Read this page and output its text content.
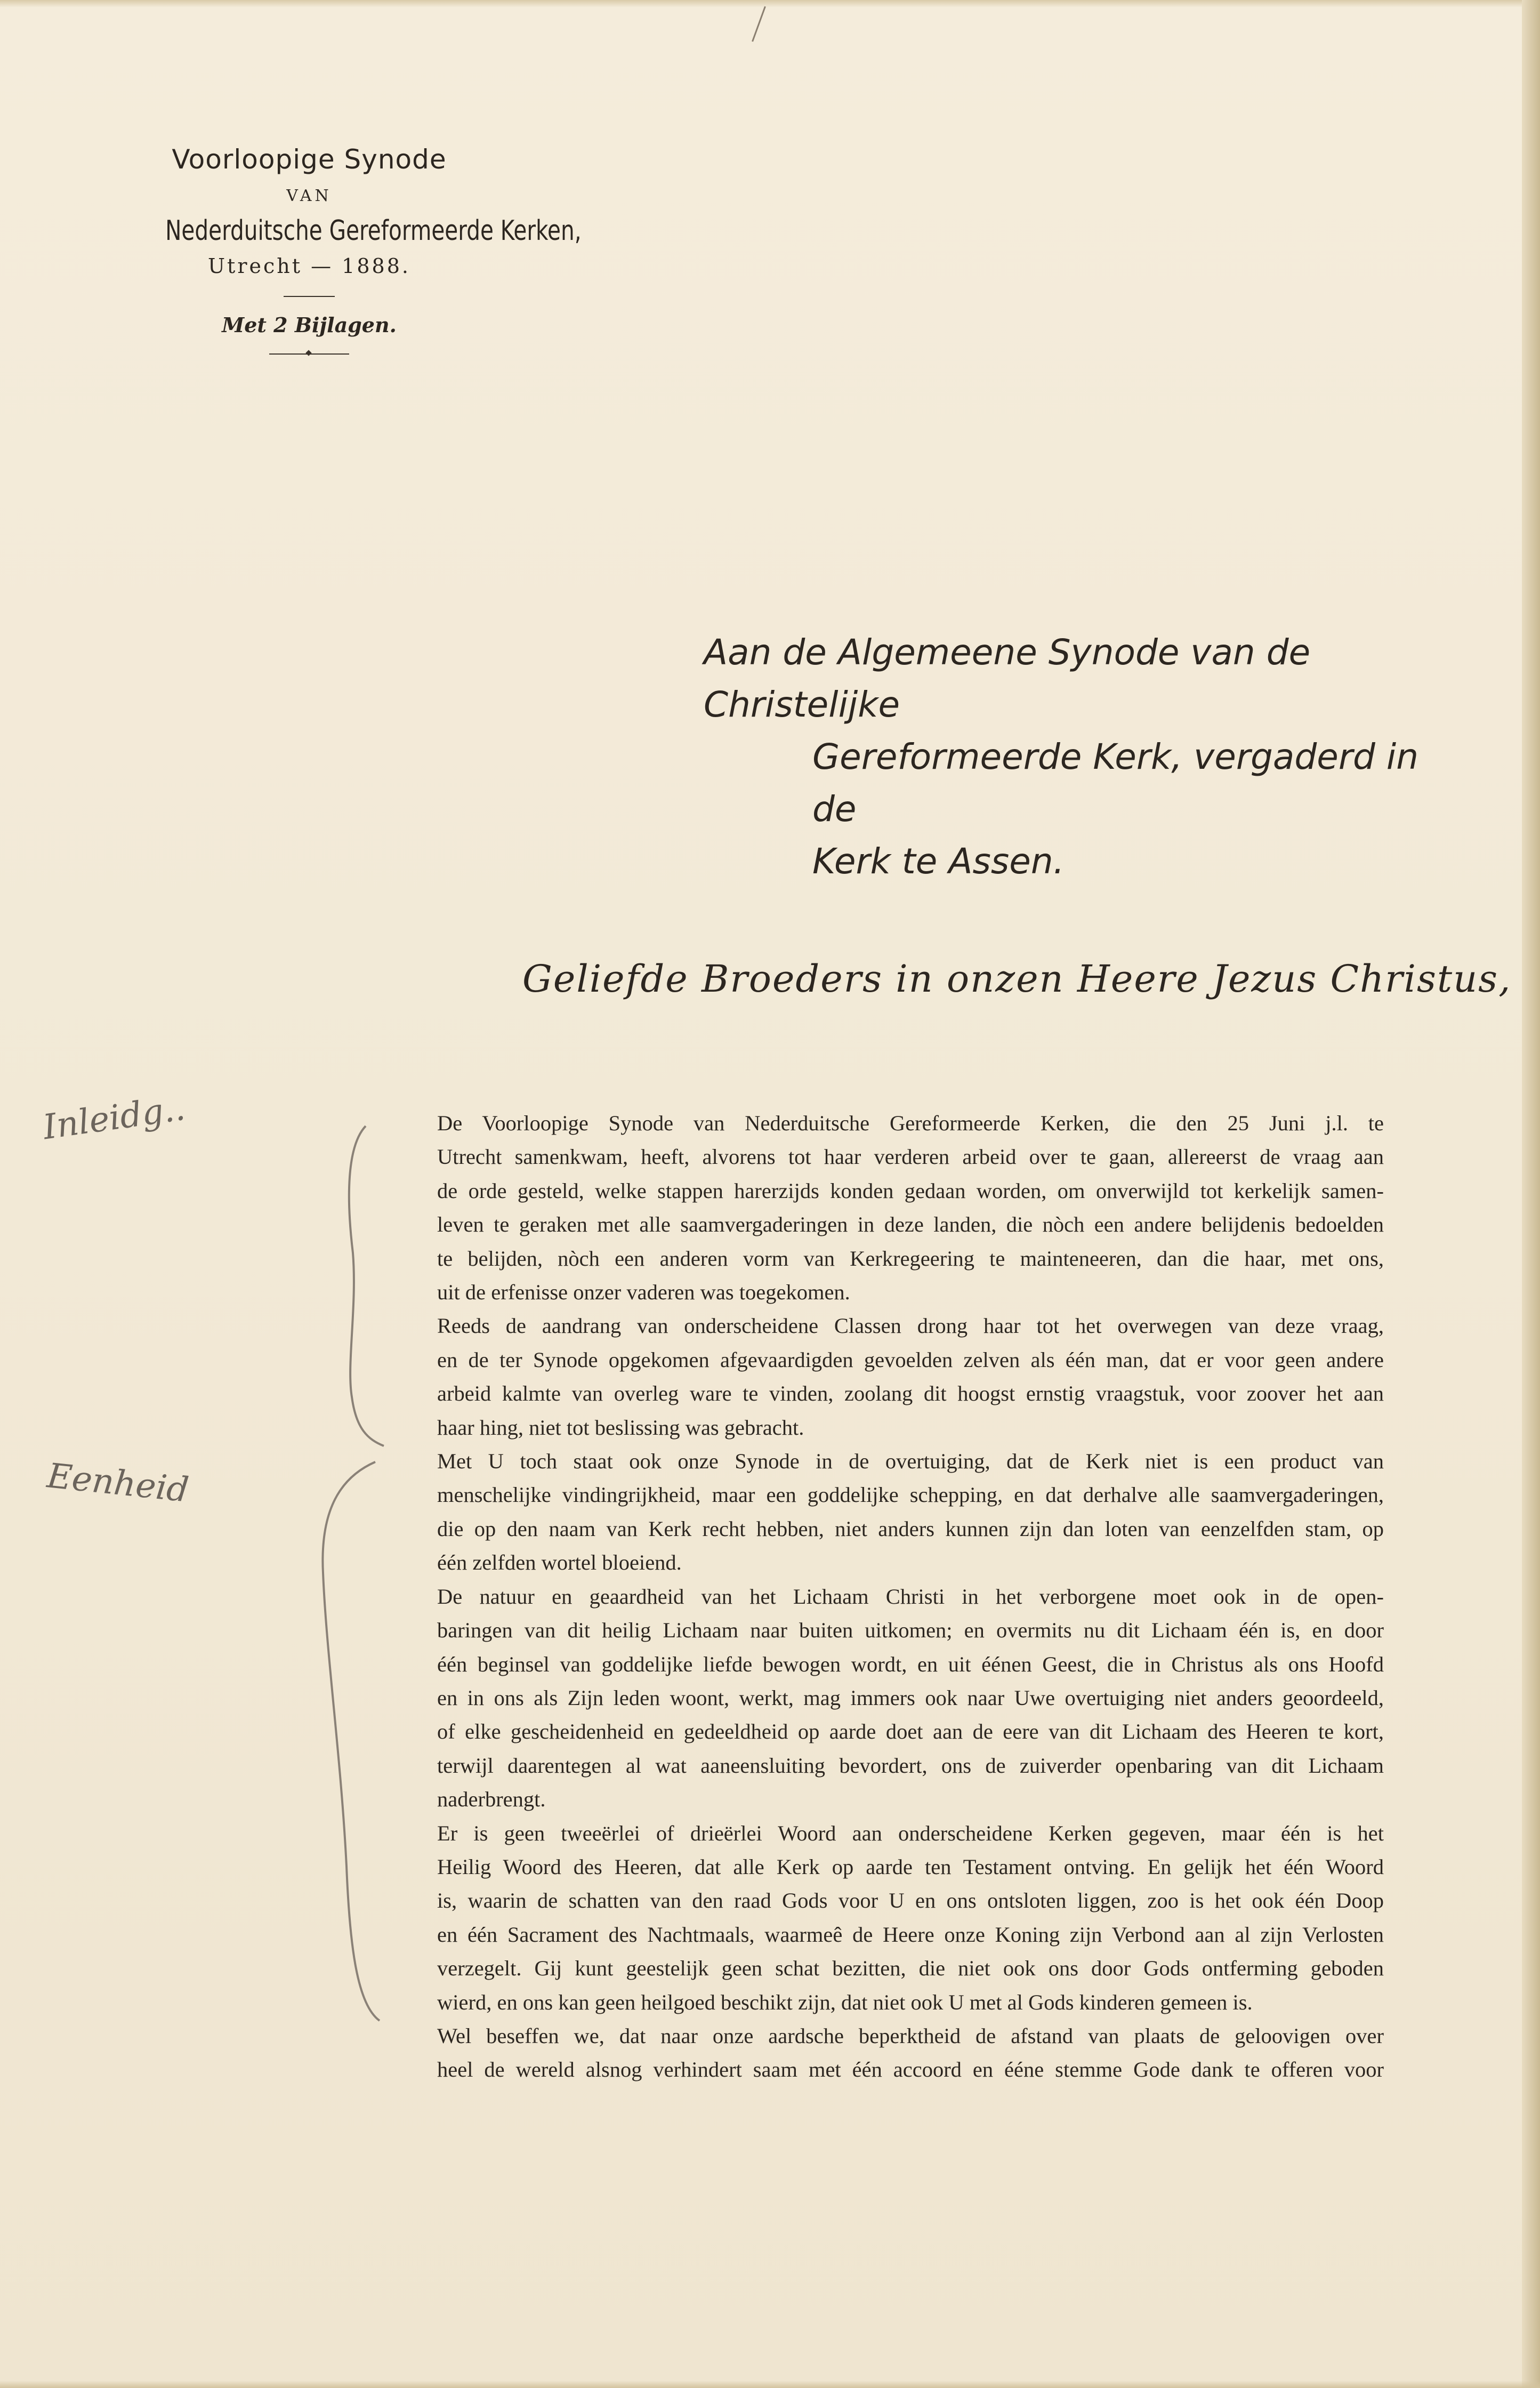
Voorloopige Synode
VAN
Nederduitsche Gereformeerde Kerken,
Utrecht — 1888.
Met 2 Bijlagen.
Aan de Algemeene Synode van de Christelijke
Gereformeerde Kerk, vergaderd in de
Kerk te Assen.
Geliefde Broeders in onzen Heere Jezus Christus,
Inleidg..
Eenheid

De Voorloopige Synode van Nederduitsche Gereformeerde Kerken, die den 25 Juni j.l. te
Utrecht samenkwam, heeft, alvorens tot haar verderen arbeid over te gaan, allereerst de vraag aan
de orde gesteld, welke stappen harerzijds konden gedaan worden, om onverwijld tot kerkelijk samen-
leven te geraken met alle saamvergaderingen in deze landen, die nòch een andere belijdenis bedoelden
te belijden, nòch een anderen vorm van Kerkregeering te mainteneeren, dan die haar, met ons,
uit de erfenisse onzer vaderen was toegekomen.

Reeds de aandrang van onderscheidene Classen drong haar tot het overwegen van deze vraag,
en de ter Synode opgekomen afgevaardigden gevoelden zelven als één man, dat er voor geen andere
arbeid kalmte van overleg ware te vinden, zoolang dit hoogst ernstig vraagstuk, voor zoover het aan
haar hing, niet tot beslissing was gebracht.

Met U toch staat ook onze Synode in de overtuiging, dat de Kerk niet is een product van
menschelijke vindingrijkheid, maar een goddelijke schepping, en dat derhalve alle saamvergaderingen,
die op den naam van Kerk recht hebben, niet anders kunnen zijn dan loten van eenzelfden stam, op
één zelfden wortel bloeiend.

De natuur en geaardheid van het Lichaam Christi in het verborgene moet ook in de open-
baringen van dit heilig Lichaam naar buiten uitkomen; en overmits nu dit Lichaam één is, en door
één beginsel van goddelijke liefde bewogen wordt, en uit éénen Geest, die in Christus als ons Hoofd
en in ons als Zijn leden woont, werkt, mag immers ook naar Uwe overtuiging niet anders geoordeeld,
of elke gescheidenheid en gedeeldheid op aarde doet aan de eere van dit Lichaam des Heeren te kort,
terwijl daarentegen al wat aaneensluiting bevordert, ons de zuiverder openbaring van dit Lichaam
naderbrengt.

Er is geen tweeërlei of drieërlei Woord aan onderscheidene Kerken gegeven, maar één is het
Heilig Woord des Heeren, dat alle Kerk op aarde ten Testament ontving. En gelijk het één Woord
is, waarin de schatten van den raad Gods voor U en ons ontsloten liggen, zoo is het ook één Doop
en één Sacrament des Nachtmaals, waarmeê de Heere onze Koning zijn Verbond aan al zijn Verlosten
verzegelt. Gij kunt geestelijk geen schat bezitten, die niet ook ons door Gods ontferming geboden
wierd, en ons kan geen heilgoed beschikt zijn, dat niet ook U met al Gods kinderen gemeen is.

Wel beseffen we, dat naar onze aardsche beperktheid de afstand van plaats de geloovigen over
heel de wereld alsnog verhindert saam met één accoord en ééne stemme Gode dank te offeren voor
